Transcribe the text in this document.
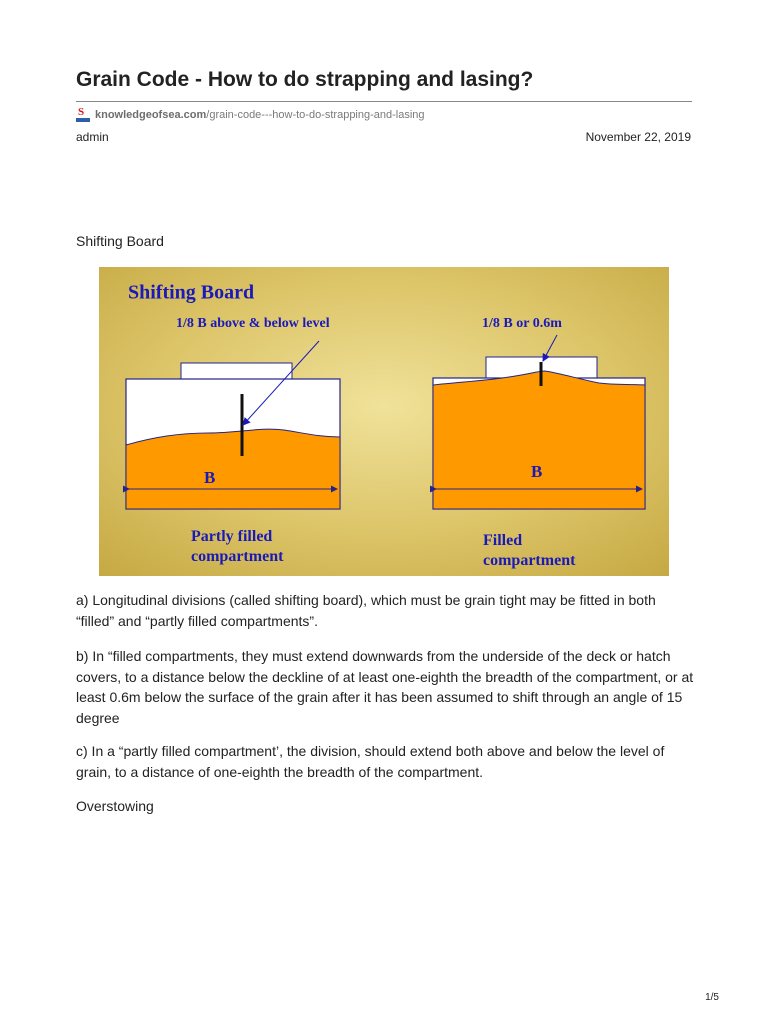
Grain Code - How to do strapping and lasing?
S knowledgeofsea.com /grain-code---how-to-do-strapping-and-lasing
admin	November 22, 2019

Shifting Board

Shifting Board
1/8 B above & below level
B
Partly filled
compartment
1/8 B or 0.6m
B
Filled
compartment

a) Longitudinal divisions (called shifting board), which must be grain tight may be fitted in both “filled” and “partly filled compartments”.

b) In “filled compartments, they must extend downwards from the underside of the deck or hatch covers, to a distance below the deckline of at least one-eighth the breadth of the compartment, or at least 0.6m below the surface of the grain after it has been assumed to shift through an angle of 15 degree

c) In a “partly filled compartment’, the division, should extend both above and below the level of grain, to a distance of one-eighth the breadth of the compartment.

Overstowing

1/5
